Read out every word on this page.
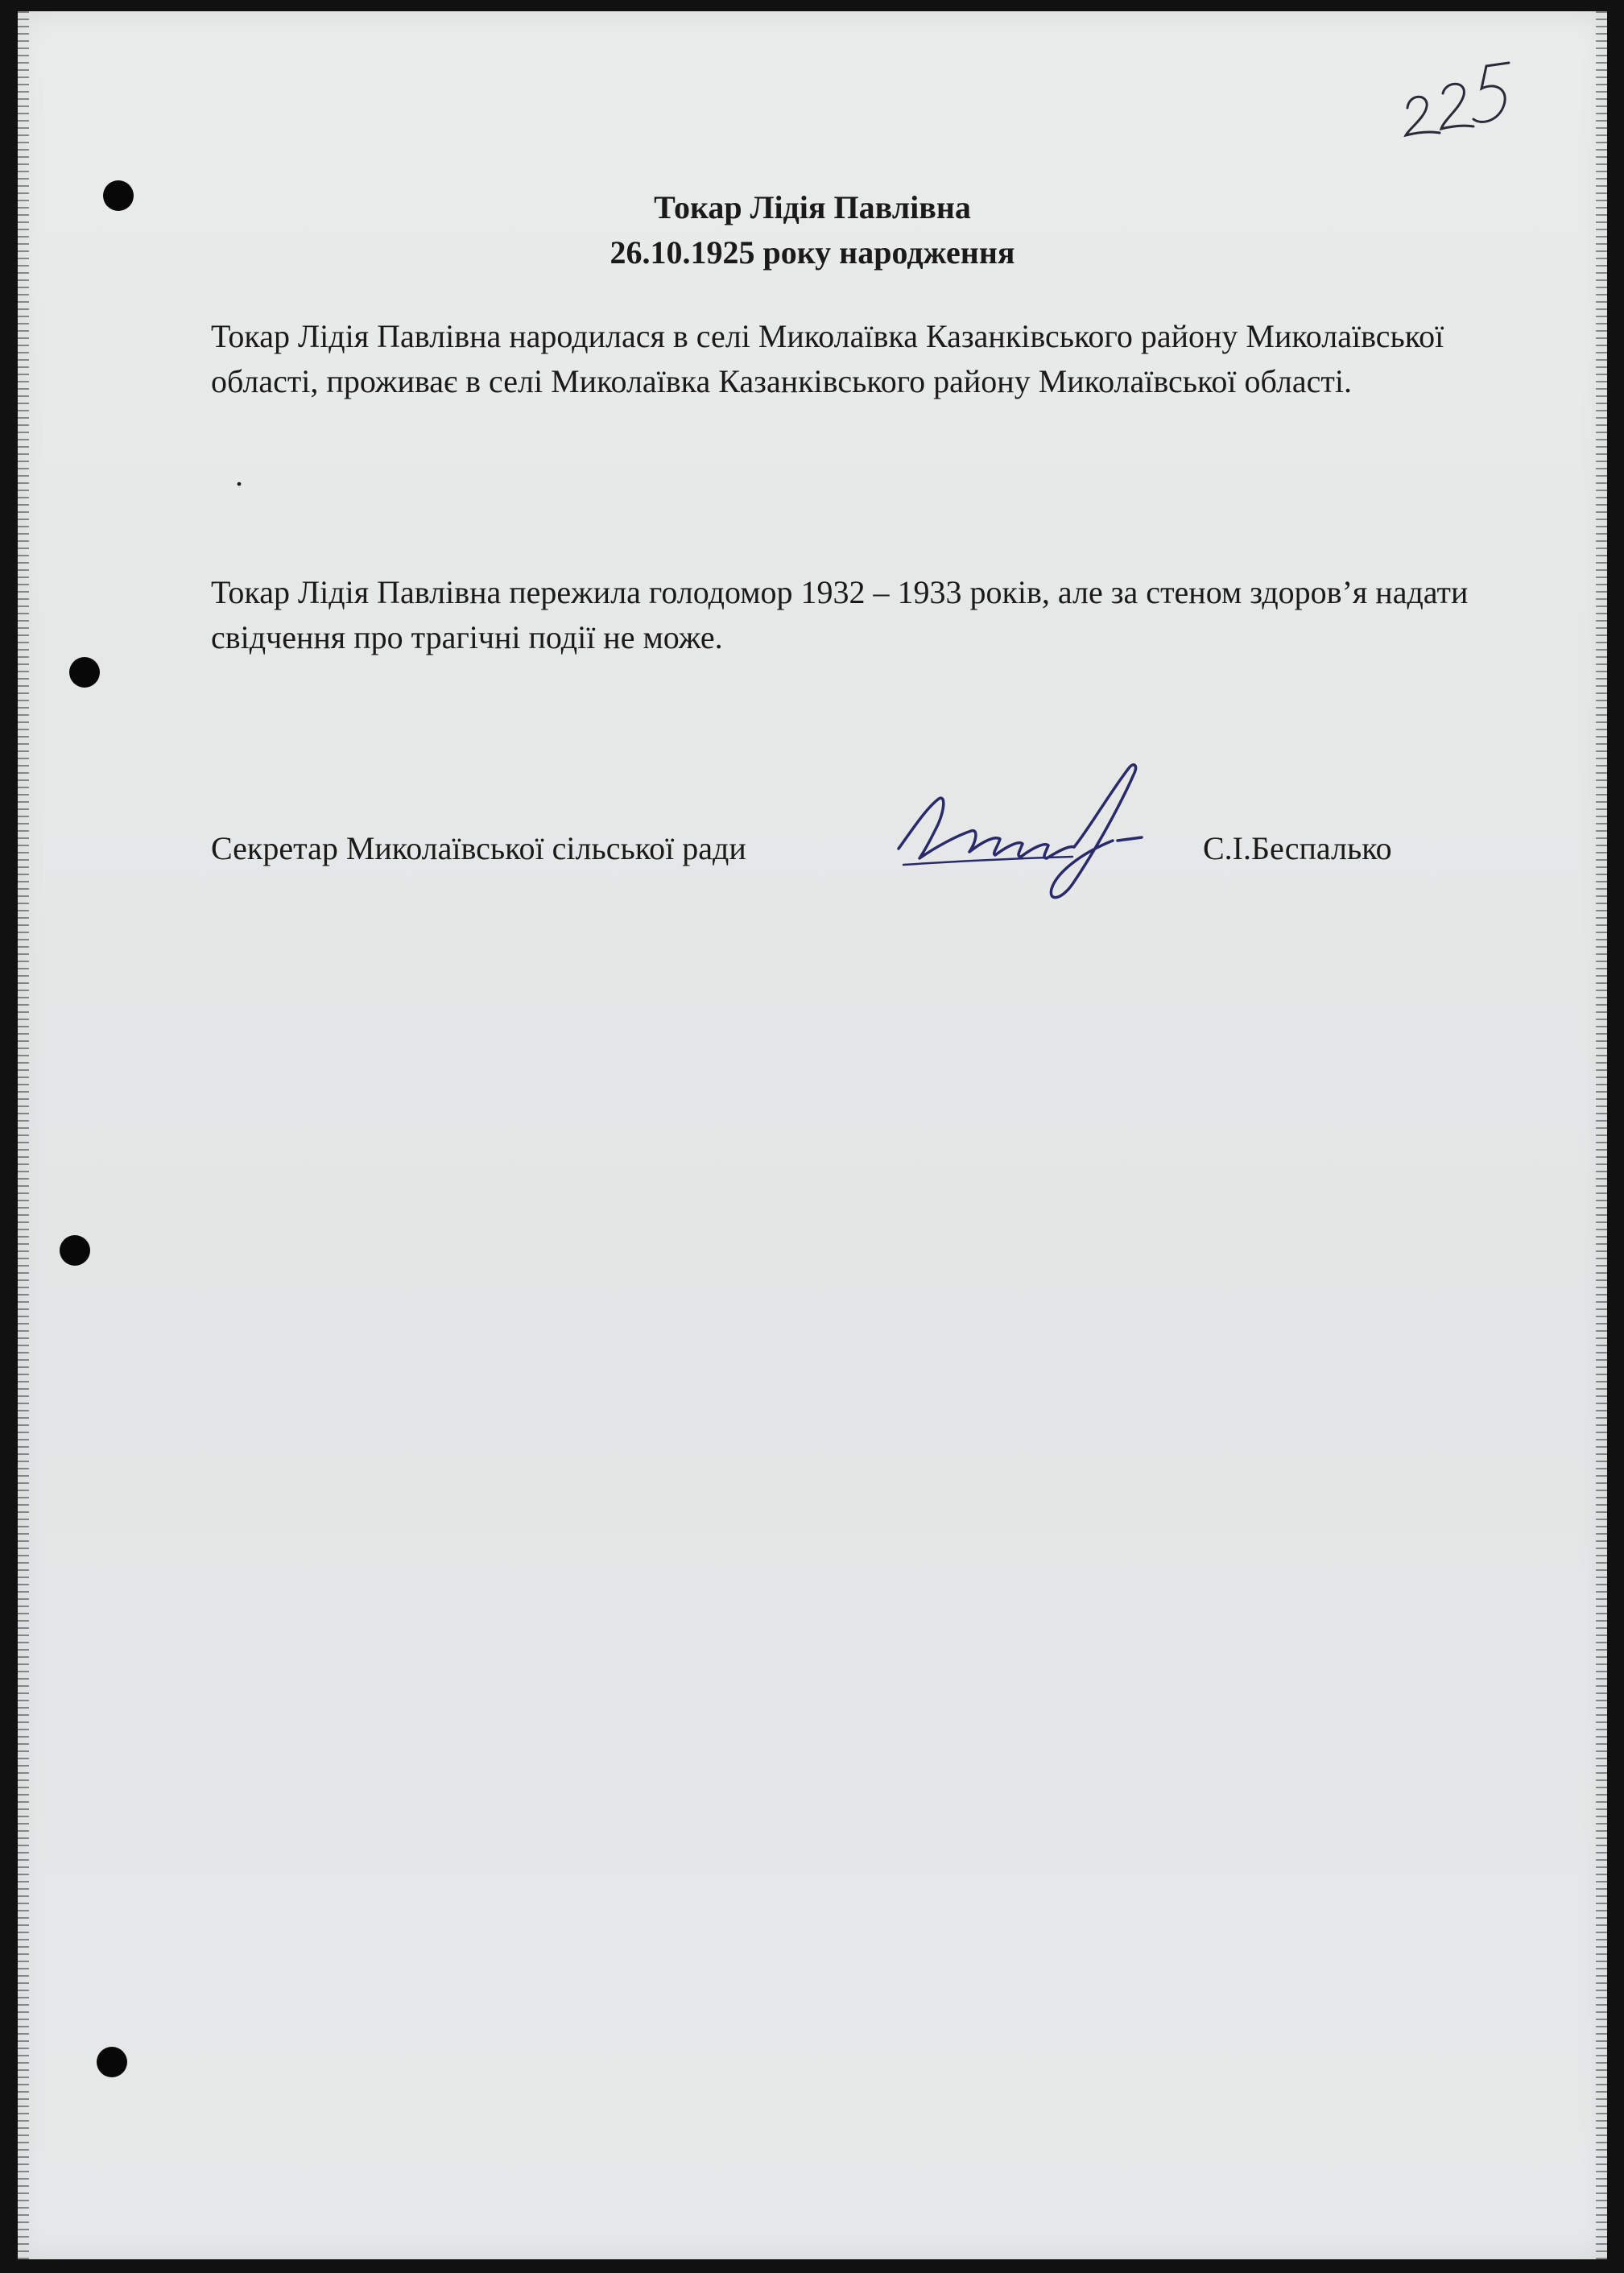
Токар Лідія Павлівна

26.10.1925 року народження

Токар Лідія Павлівна народилася в селі Миколаївка Казанківського району Миколаївської області, проживає в селі Миколаївка Казанківського району Миколаївської області.

.

Токар Лідія Павлівна пережила голодомор 1932 – 1933 років, але за стеном здоров’я надати свідчення про трагічні події не може.

Секретар Миколаївської сільської ради	С.І.Беспалько
